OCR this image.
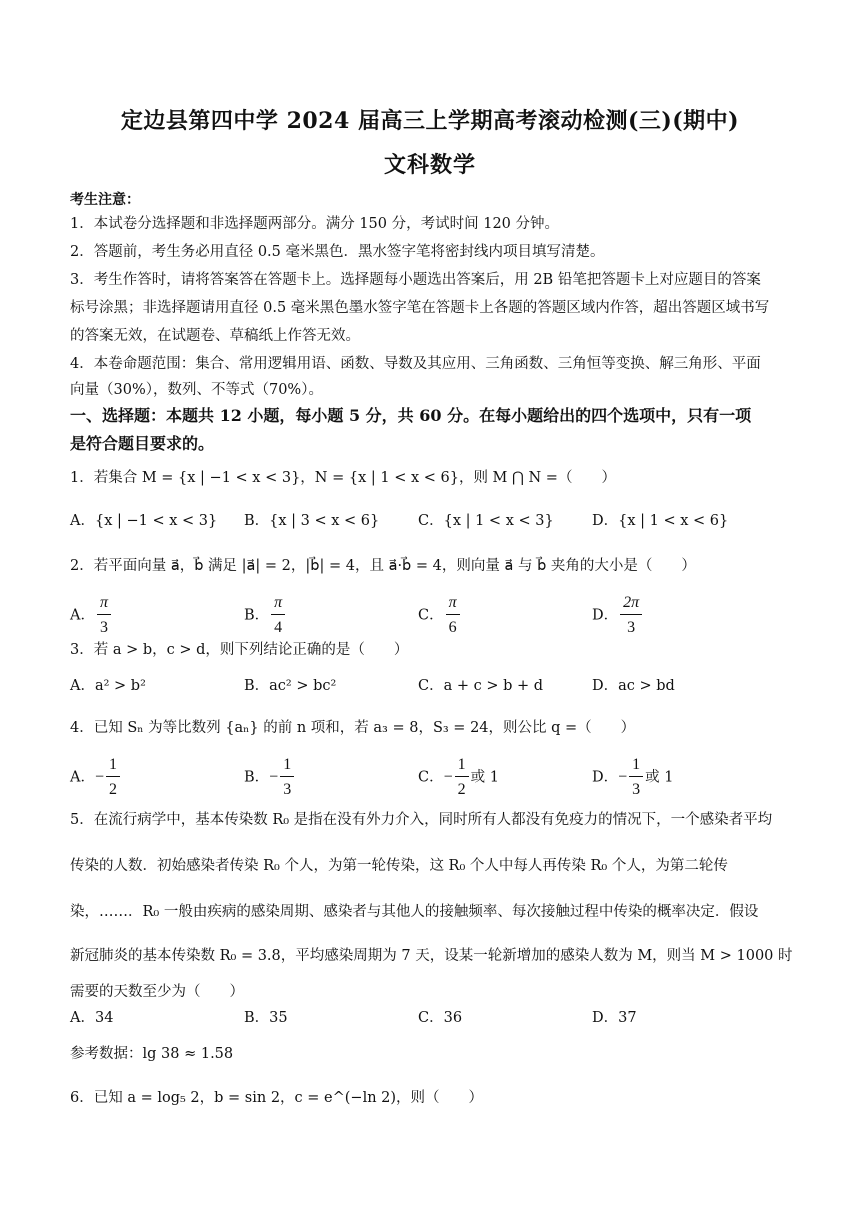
定边县第四中学 2024 届高三上学期高考滚动检测(三)(期中)
文科数学
考生注意：
1．本试卷分选择题和非选择题两部分。满分 150 分，考试时间 120 分钟。
2．答题前，考生务必用直径 0.5 毫米黑色．黑水签字笔将密封线内项目填写清楚。
3．考生作答时，请将答案答在答题卡上。选择题每小题选出答案后，用 2B 铅笔把答题卡上对应题目的答案
标号涂黑；非选择题请用直径 0.5 毫米黑色墨水签字笔在答题卡上各题的答题区域内作答，超出答题区域书写
的答案无效，在试题卷、草稿纸上作答无效。
4．本卷命题范围：集合、常用逻辑用语、函数、导数及其应用、三角函数、三角恒等变换、解三角形、平面
向量（30%），数列、不等式（70%）。
一、选择题：本题共 12 小题，每小题 5 分，共 60 分。在每小题给出的四个选项中，只有一项
是符合题目要求的。
1．若集合 M = {x | −1 < x < 3}，N = {x | 1 < x < 6}，则 M ⋂ N =（　　）
A．{x | −1 < x < 3} B．{x | 3 < x < 6}	C．{x | 1 < x < 3}	D．{x | 1 < x < 6}
2．若平面向量 a⃗，b⃗ 满足 |a⃗| = 2，|b⃗| = 4，且 a⃗·b⃗ = 4，则向量 a⃗ 与 b⃗ 夹角的大小是（　　）
A． $\frac{\pi}{3}$	B． $\frac{\pi}{4}$	C． $\frac{\pi}{6}$	D． $\frac{2\pi}{3}$
3．若 a > b，c > d，则下列结论正确的是（　　）
A．a² > b²	B．ac² > bc²	C．a + c > b + d	D．ac > bd
4．已知 Sₙ 为等比数列 {aₙ} 的前 n 项和，若 a₃ = 8，S₃ = 24，则公比 q =（　　）
A．− $\frac{1}{2}$	B．− $\frac{1}{3}$	C．− $\frac{1}{2}$ 或 1	D．− $\frac{1}{3}$ 或 1
5．在流行病学中，基本传染数 R₀ 是指在没有外力介入，同时所有人都没有免疫力的情况下，一个感染者平均
传染的人数．初始感染者传染 R₀ 个人，为第一轮传染，这 R₀ 个人中每人再传染 R₀ 个人，为第二轮传
染，……．R₀ 一般由疾病的感染周期、感染者与其他人的接触频率、每次接触过程中传染的概率决定．假设
新冠肺炎的基本传染数 R₀ = 3.8，平均感染周期为 7 天，设某一轮新增加的感染人数为 M，则当 M > 1000 时
需要的天数至少为（　　）
A．34	B．35	C．36	D．37
参考数据：lg 38 ≈ 1.58
6．已知 a = log₅ 2，b = sin 2，c = e^(−ln 2)，则（　　）
